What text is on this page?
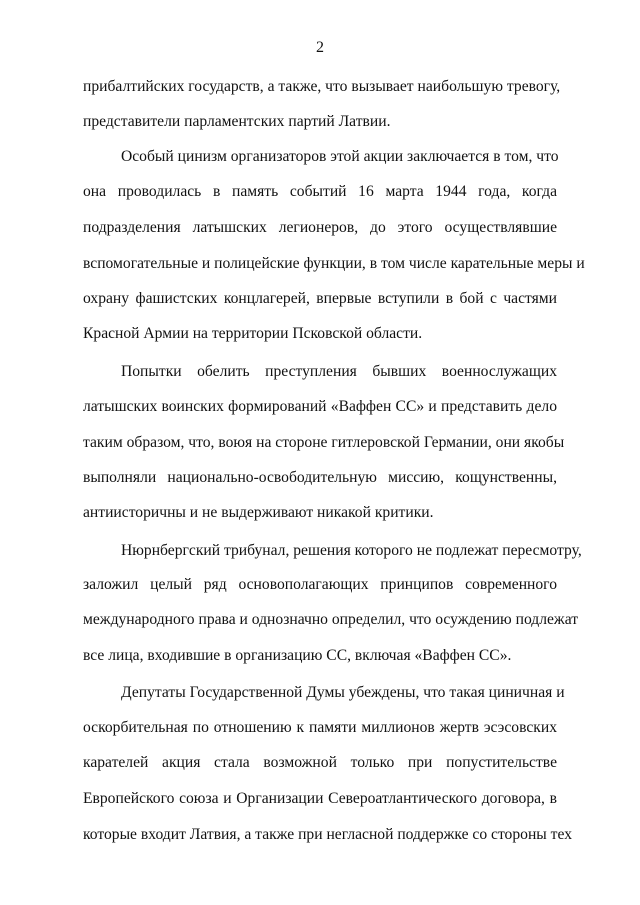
2
прибалтийских государств, а также, что вызывает наибольшую тревогу,
представители парламентских партий Латвии.
Особый цинизм организаторов этой акции заключается в том, что
она проводилась в память событий 16 марта 1944 года, когда
подразделения латышских легионеров, до этого осуществлявшие
вспомогательные и полицейские функции, в том числе карательные меры и
охрану фашистских концлагерей, впервые вступили в бой с частями
Красной Армии на территории Псковской области.
Попытки обелить преступления бывших военнослужащих
латышских воинских формирований «Ваффен СС» и представить дело
таким образом, что, воюя на стороне гитлеровской Германии, они якобы
выполняли национально-освободительную миссию, кощунственны,
антиисторичны и не выдерживают никакой критики.
Нюрнбергский трибунал, решения которого не подлежат пересмотру,
заложил целый ряд основополагающих принципов современного
международного права и однозначно определил, что осуждению подлежат
все лица, входившие в организацию СС, включая «Ваффен СС».
Депутаты Государственной Думы убеждены, что такая циничная и
оскорбительная по отношению к памяти миллионов жертв эсэсовских
карателей акция стала возможной только при попустительстве
Европейского союза и Организации Североатлантического договора, в
которые входит Латвия, а также при негласной поддержке со стороны тех
